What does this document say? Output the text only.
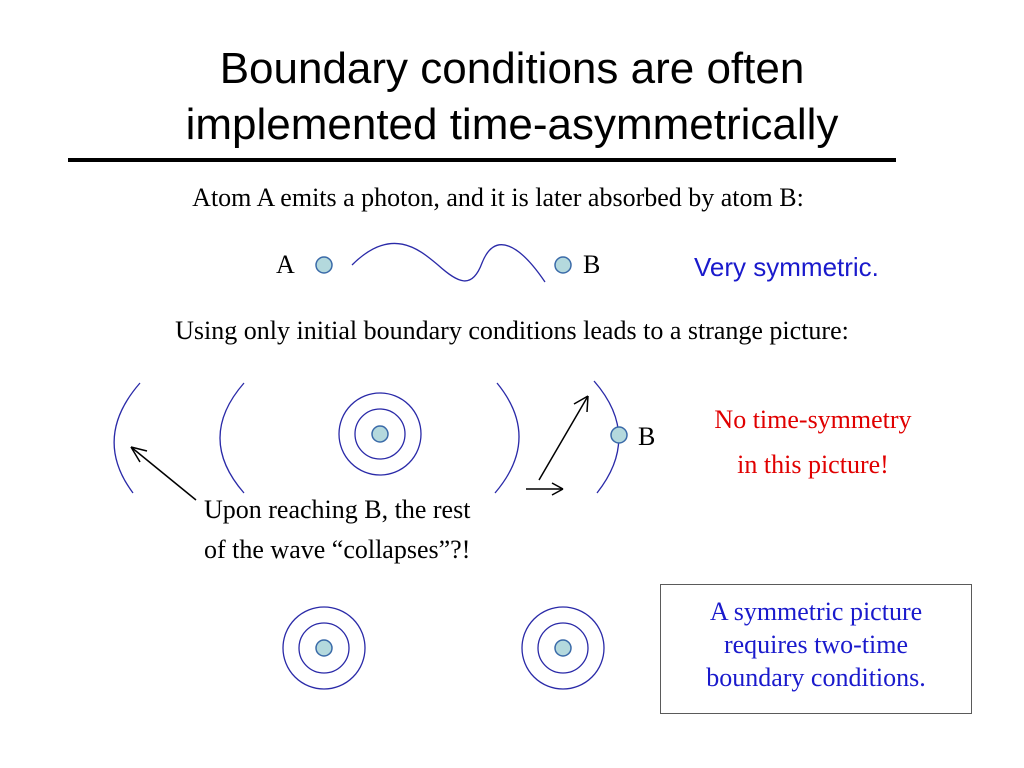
Boundary conditions are often
implemented time-asymmetrically
Atom A emits a photon, and it is later absorbed by atom B:
A	B	Very symmetric.
Using only initial boundary conditions leads to a strange picture:
B
No time-symmetry
in this picture!
Upon reaching B, the rest
of the wave “collapses”?!
A symmetric picture
requires two-time
boundary conditions.
